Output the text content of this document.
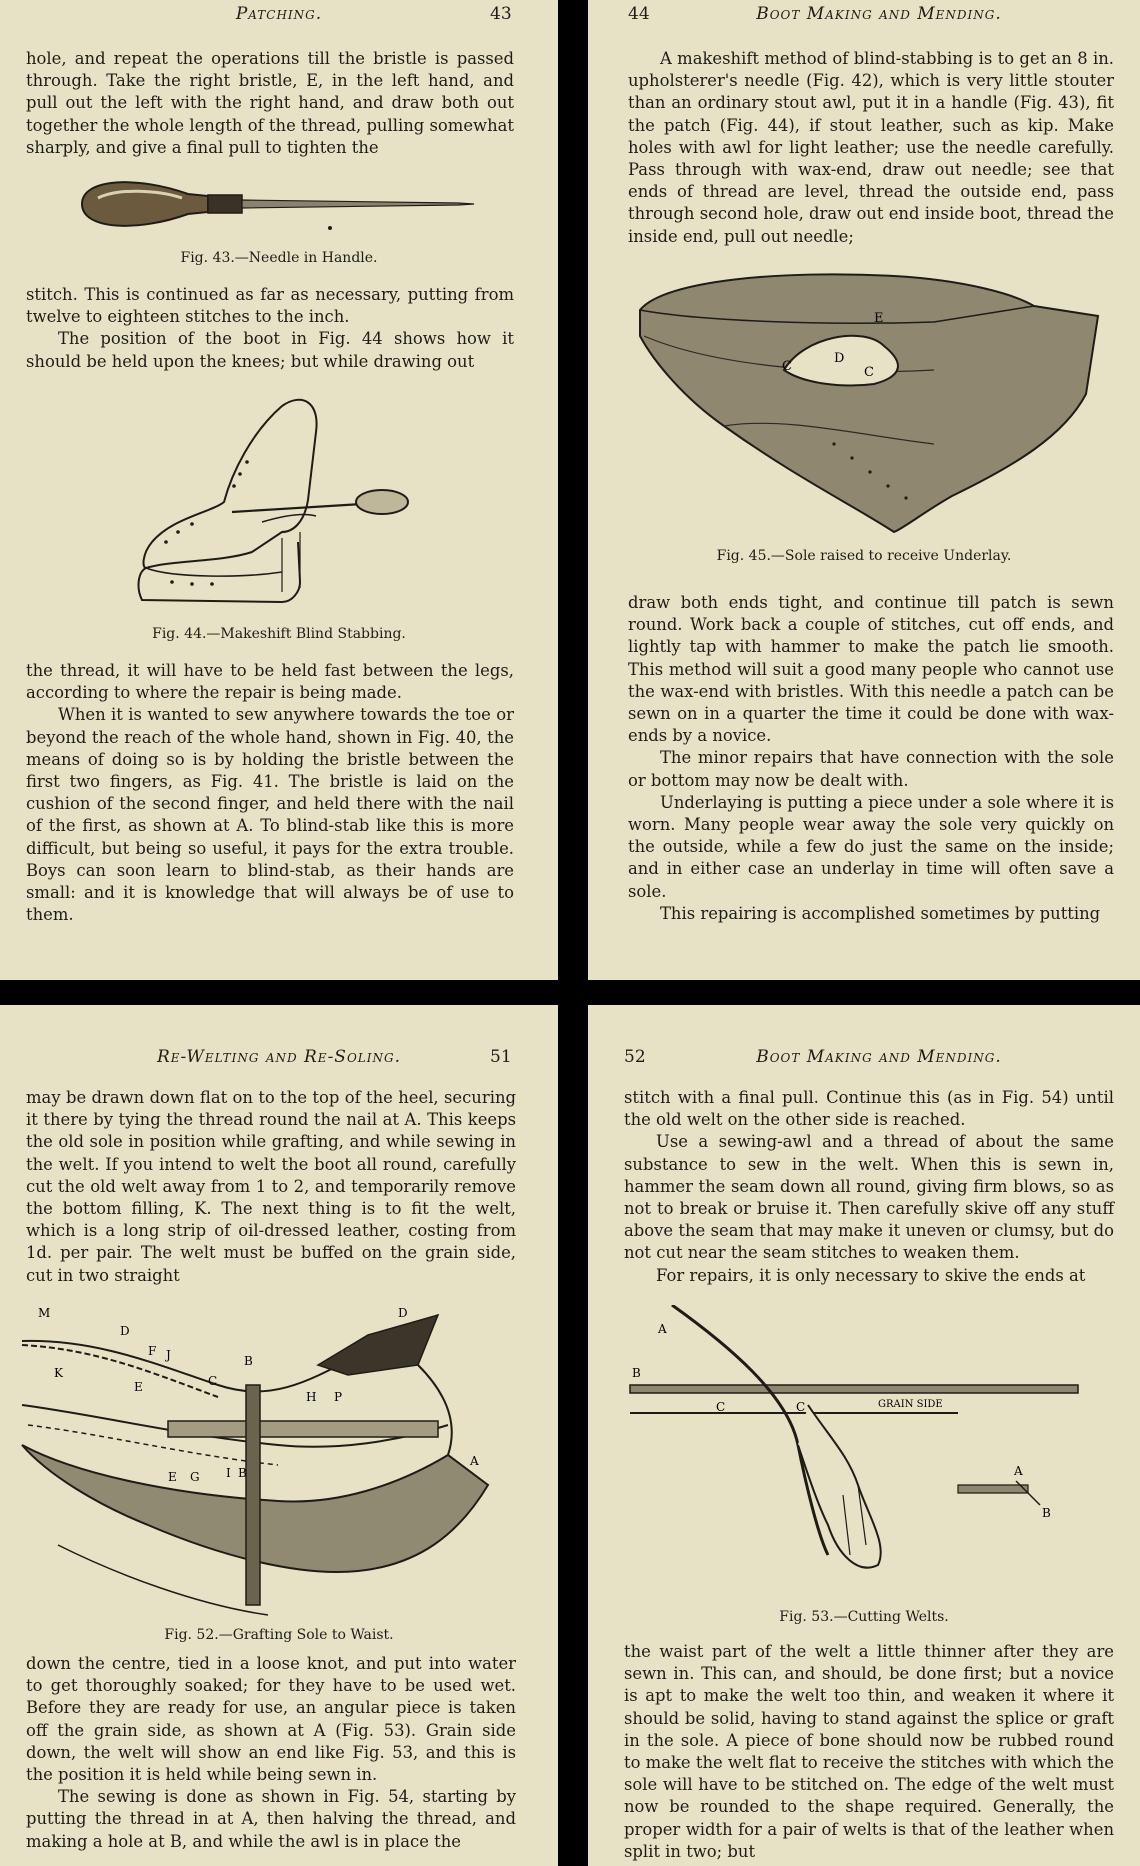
Patching.	43

hole, and repeat the operations till the bristle is passed through. Take the right bristle, E, in the left hand, and pull out the left with the right hand, and draw both out together the whole length of the thread, pulling somewhat sharply, and give a final pull to tighten the

Fig. 43.—Needle in Handle.

stitch. This is continued as far as necessary, putting from twelve to eighteen stitches to the inch.

The position of the boot in Fig. 44 shows how it should be held upon the knees; but while drawing out

Fig. 44.—Makeshift Blind Stabbing.

the thread, it will have to be held fast between the legs, according to where the repair is being made.

When it is wanted to sew anywhere towards the toe or beyond the reach of the whole hand, shown in Fig. 40, the means of doing so is by holding the bristle between the first two fingers, as Fig. 41. The bristle is laid on the cushion of the second finger, and held there with the nail of the first, as shown at A. To blind-stab like this is more difficult, but being so useful, it pays for the extra trouble. Boys can soon learn to blind-stab, as their hands are small: and it is knowledge that will always be of use to them.

44	Boot Making and Mending.

A makeshift method of blind-stabbing is to get an 8 in. upholsterer's needle (Fig. 42), which is very little stouter than an ordinary stout awl, put it in a handle (Fig. 43), fit the patch (Fig. 44), if stout leather, such as kip. Make holes with awl for light leather; use the needle carefully. Pass through with wax-end, draw out needle; see that ends of thread are level, thread the outside end, pass through second hole, draw out end inside boot, thread the inside end, pull out needle;

C
D
C
E
Fig. 45.—Sole raised to receive Underlay.

draw both ends tight, and continue till patch is sewn round. Work back a couple of stitches, cut off ends, and lightly tap with hammer to make the patch lie smooth. This method will suit a good many people who cannot use the wax-end with bristles. With this needle a patch can be sewn on in a quarter the time it could be done with wax-ends by a novice.

The minor repairs that have connection with the sole or bottom may now be dealt with.

Underlaying is putting a piece under a sole where it is worn. Many people wear away the sole very quickly on the outside, while a few do just the same on the inside; and in either case an underlay in time will often save a sole.

This repairing is accomplished sometimes by putting

Re-Welting and Re-Soling.	51

may be drawn down flat on to the top of the heel, securing it there by tying the thread round the nail at A. This keeps the old sole in position while grafting, and while sewing in the welt. If you intend to welt the boot all round, carefully cut the old welt away from 1 to 2, and temporarily remove the bottom filling, K. The next thing is to fit the welt, which is a long strip of oil-dressed leather, costing from 1d. per pair. The welt must be buffed on the grain side, cut in two straight

M
D
F J
K
E	C
B
D
H P
E G I B
A
Fig. 52.—Grafting Sole to Waist.

down the centre, tied in a loose knot, and put into water to get thoroughly soaked; for they have to be used wet. Before they are ready for use, an angular piece is taken off the grain side, as shown at A (Fig. 53). Grain side down, the welt will show an end like Fig. 53, and this is the position it is held while being sewn in.

The sewing is done as shown in Fig. 54, starting by putting the thread in at A, then halving the thread, and making a hole at B, and while the awl is in place the

52	Boot Making and Mending.

stitch with a final pull. Continue this (as in Fig. 54) until the old welt on the other side is reached.

Use a sewing-awl and a thread of about the same substance to sew in the welt. When this is sewn in, hammer the seam down all round, giving firm blows, so as not to break or bruise it. Then carefully skive off any stuff above the seam that may make it uneven or clumsy, but do not cut near the seam stitches to weaken them.

For repairs, it is only necessary to skive the ends at

A
B
C	C	GRAIN SIDE
A
B
Fig. 53.—Cutting Welts.

the waist part of the welt a little thinner after they are sewn in. This can, and should, be done first; but a novice is apt to make the welt too thin, and weaken it where it should be solid, having to stand against the splice or graft in the sole. A piece of bone should now be rubbed round to make the welt flat to receive the stitches with which the sole will have to be stitched on. The edge of the welt must now be rounded to the shape required. Generally, the proper width for a pair of welts is that of the leather when split in two; but
